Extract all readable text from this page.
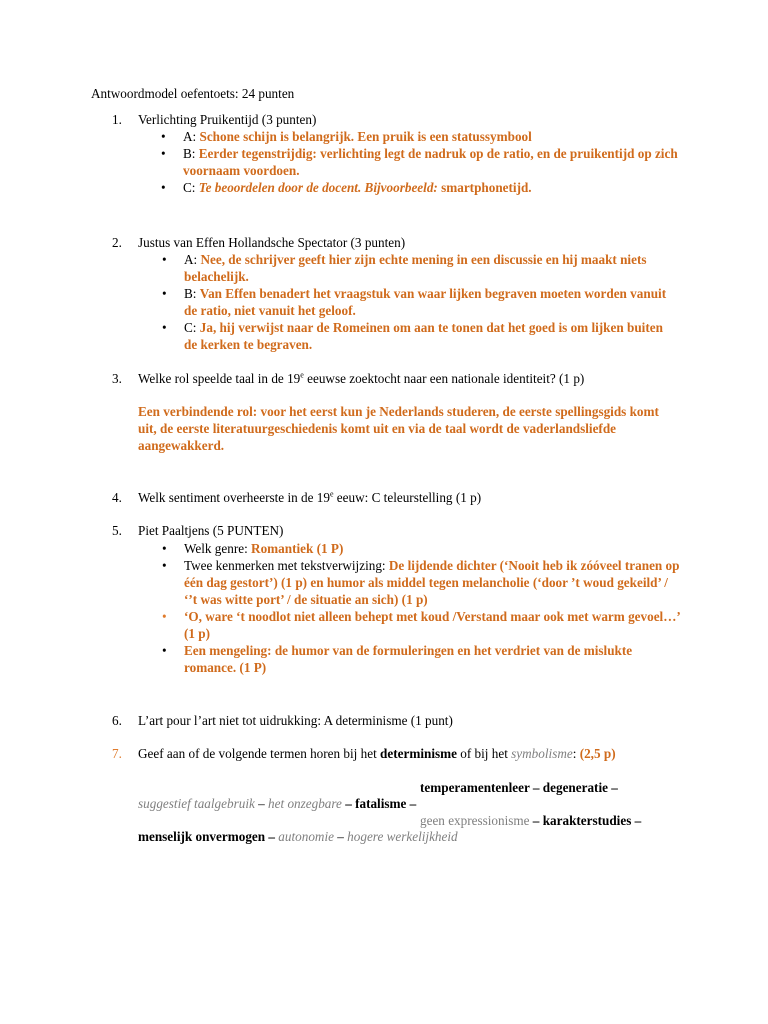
Antwoordmodel oefentoets: 24 punten
1. Verlichting Pruikentijd (3 punten)
• A: Schone schijn is belangrijk. Een pruik is een statussymbool
• B: Eerder tegenstrijdig: verlichting legt de nadruk op de ratio, en de pruikentijd op zich voornaam voordoen.
• C: Te beoordelen door de docent. Bijvoorbeeld: smartphonetijd.
2. Justus van Effen Hollandsche Spectator (3 punten)
• A: Nee, de schrijver geeft hier zijn echte mening in een discussie en hij maakt niets belachelijk.
• B: Van Effen benadert het vraagstuk van waar lijken begraven moeten worden vanuit de ratio, niet vanuit het geloof.
• C: Ja, hij verwijst naar de Romeinen om aan te tonen dat het goed is om lijken buiten de kerken te begraven.
3. Welke rol speelde taal in de 19e eeuwse zoektocht naar een nationale identiteit? (1 p)
Een verbindende rol: voor het eerst kun je Nederlands studeren, de eerste spellingsgids komt uit, de eerste literatuurgeschiedenis komt uit en via de taal wordt de vaderlandsliefde aangewakkerd.
4. Welk sentiment overheerste in de 19e eeuw: C teleurstelling (1 p)
5. Piet Paaltjens (5 PUNTEN)
• Welk genre: Romantiek (1 P)
• Twee kenmerken met tekstverwijzing: De lijdende dichter (‘Nooit heb ik zóóveel tranen op één dag gestort’) (1 p) en humor als middel tegen melancholie (‘door ’t woud gekeild’ / ‘’t was witte port’ / de situatie an sich) (1 p)
• ‘O, ware ‘t noodlot niet alleen behept met koud /Verstand maar ook met warm gevoel…’ (1 p)
• Een mengeling: de humor van de formuleringen en het verdriet van de mislukte romance. (1 P)
6. L’art pour l’art niet tot uidrukking: A determinisme (1 punt)
7. Geef aan of de volgende termen horen bij het determinisme of bij het symbolisme: (2,5 p)
temperamentenleer – degeneratie –
suggestief taalgebruik – het onzegbare – fatalisme –
geen expressionisme – karakterstudies –
menselijk onvermogen – autonomie – hogere werkelijkheid
